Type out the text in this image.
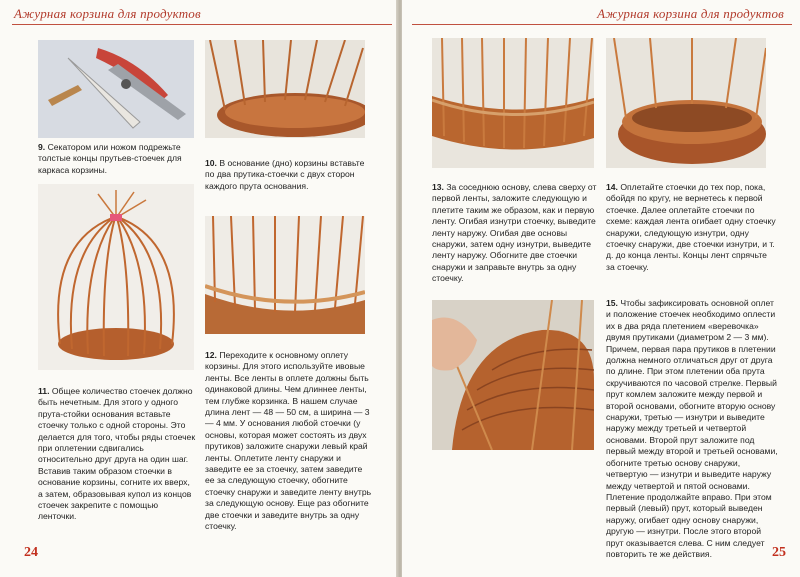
Ажурная корзина для продуктов
9. Секатором или ножом подрежьте толстые концы прутьев-стоечек для каркаса корзины.
10. В основание (дно) корзины вставьте по два прутика-стоечки с двух сторон каждого прута основания.
11. Общее количество стоечек должно быть нечетным. Для этого у одного прута-стойки основания вставьте стоечку только с одной стороны. Это делается для того, чтобы ряды стоечек при оплетении сдвигались относительно друг друга на один шаг. Вставив таким образом стоечки в основание корзины, согните их вверх, а затем, образовывая купол из концов стоечек закрепите с помощью ленточки.
12. Переходите к основному оплету корзины. Для этого используйте ивовые ленты. Все ленты в оплете должны быть одинаковой длины. Чем длиннее ленты, тем глубже корзинка. В нашем случае длина лент — 48 — 50 см, а ширина — 3 — 4 мм. У основания любой стоечки (у основы, которая может состоять из двух прутиков) заложите снаружи левый край ленты. Оплетите ленту снаружи и заведите ее за стоечку, затем заведите ее за следующую стоечку, обогните стоечку снаружи и заведите ленту внутрь за следующую основу. Еще раз обогните две стоечки и заведите внутрь за одну стоечку.
24
Ажурная корзина для продуктов
13. За соседнюю основу, слева сверху от первой ленты, заложите следующую и плетите таким же образом, как и первую ленту. Огибая изнутри стоечку, выведите ленту наружу. Огибая две основы снаружи, затем одну изнутри, выведите ленту наружу. Обогните две стоечки снаружи и заправьте внутрь за одну стоечку.
14. Оплетайте стоечки до тех пор, пока, обойдя по кругу, не вернетесь к первой стоечке. Далее оплетайте стоечки по схеме: каждая лента огибает одну стоечку снаружи, следующую изнутри, одну стоечку снаружи, две стоечки изнутри, и т. д. до конца ленты. Концы лент спрячьте за стоечку.
15. Чтобы зафиксировать основной оплет и положение стоечек необходимо оплести их в два ряда плетением «веревочка» двумя прутиками (диаметром 2 — 3 мм). Причем, первая пара прутиков в плетении должна немного отличаться друг от друга по длине. При этом плетении оба прута скручиваются по часовой стрелке. Первый прут комлем заложите между первой и второй основами, обогните вторую основу снаружи, третью — изнутри и выведите наружу между третьей и четвертой основами. Второй прут заложите под первый между второй и третьей основами, обогните третью основу снаружи, четвертую — изнутри и выведите наружу между четвертой и пятой основами. Плетение продолжайте вправо. При этом первый (левый) прут, который выведен наружу, огибает одну основу снаружи, другую — изнутри. После этого второй прут оказывается слева. С ним следует повторить те же действия.	25
